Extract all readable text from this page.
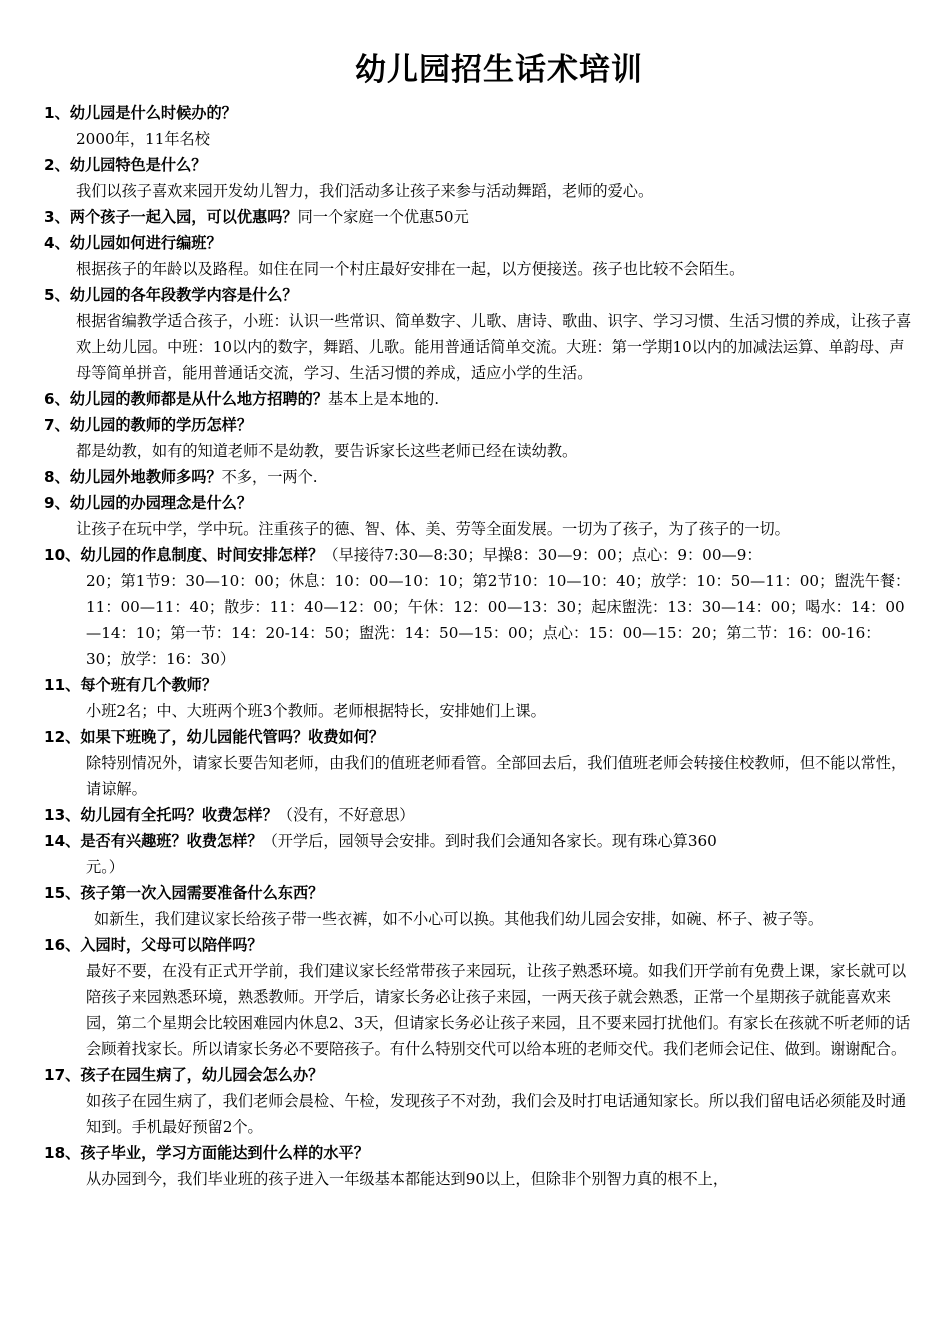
幼儿园招生话术培训
1、幼儿园是什么时候办的？
2000年，11年名校
2、幼儿园特色是什么？
我们以孩子喜欢来园开发幼儿智力，我们活动多让孩子来参与活动舞蹈，老师的爱心。
3、两个孩子一起入园，可以优惠吗？同一个家庭一个优惠50元
4、幼儿园如何进行编班？
根据孩子的年龄以及路程。如住在同一个村庄最好安排在一起，以方便接送。孩子也比较不会陌生。
5、幼儿园的各年段教学内容是什么？
根据省编教学适合孩子，小班：认识一些常识、简单数字、儿歌、唐诗、歌曲、识字、学习习惯、生活习惯的养成，让孩子喜欢上幼儿园。中班：10以内的数字，舞蹈、儿歌。能用普通话简单交流。大班：第一学期10以内的加减法运算、单韵母、声母等简单拼音，能用普通话交流，学习、生活习惯的养成，适应小学的生活。
6、幼儿园的教师都是从什么地方招聘的？基本上是本地的.
7、幼儿园的教师的学历怎样？
都是幼教，如有的知道老师不是幼教，要告诉家长这些老师已经在读幼教。
8、幼儿园外地教师多吗？不多，一两个.
9、幼儿园的办园理念是什么？
让孩子在玩中学，学中玩。注重孩子的德、智、体、美、劳等全面发展。一切为了孩子，为了孩子的一切。
10、幼儿园的作息制度、时间安排怎样？（早接待7:30—8:30；早操8：30—9：00；点心：9：00—9：
20；第1节9：30—10：00；休息：10：00—10：10；第2节10：10—10：40；放学：10：50—11：00；盥洗午餐：11：00—11：40；散步：11：40—12：00；午休：12：00—13：30；起床盥洗：13：30—14：00；喝水：14：00—14：10；第一节：14：20-14：50；盥洗：14：50—15：00；点心：15：00—15：20；第二节：16：00-16：30；放学：16：30）
11、每个班有几个教师？
小班2名；中、大班两个班3个教师。老师根据特长，安排她们上课。
12、如果下班晚了，幼儿园能代管吗？收费如何？
除特别情况外，请家长要告知老师，由我们的值班老师看管。全部回去后，我们值班老师会转接住校教师，但不能以常性，请谅解。
13、幼儿园有全托吗？收费怎样？（没有，不好意思）
14、是否有兴趣班？收费怎样？（开学后，园领导会安排。到时我们会通知各家长。现有珠心算360
元。）
15、孩子第一次入园需要准备什么东西？
如新生，我们建议家长给孩子带一些衣裤，如不小心可以换。其他我们幼儿园会安排，如碗、杯子、被子等。
16、入园时，父母可以陪伴吗？
最好不要，在没有正式开学前，我们建议家长经常带孩子来园玩，让孩子熟悉环境。如我们开学前有免费上课，家长就可以陪孩子来园熟悉环境，熟悉教师。开学后，请家长务必让孩子来园，一两天孩子就会熟悉，正常一个星期孩子就能喜欢来园，第二个星期会比较困难园内休息2、3天，但请家长务必让孩子来园，且不要来园打扰他们。有家长在孩就不听老师的话会顾着找家长。所以请家长务必不要陪孩子。有什么特别交代可以给本班的老师交代。我们老师会记住、做到。谢谢配合。
17、孩子在园生病了，幼儿园会怎么办？
如孩子在园生病了，我们老师会晨检、午检，发现孩子不对劲，我们会及时打电话通知家长。所以我们留电话必须能及时通知到。手机最好预留2个。
18、孩子毕业，学习方面能达到什么样的水平？
从办园到今，我们毕业班的孩子进入一年级基本都能达到90以上，但除非个别智力真的根不上，
